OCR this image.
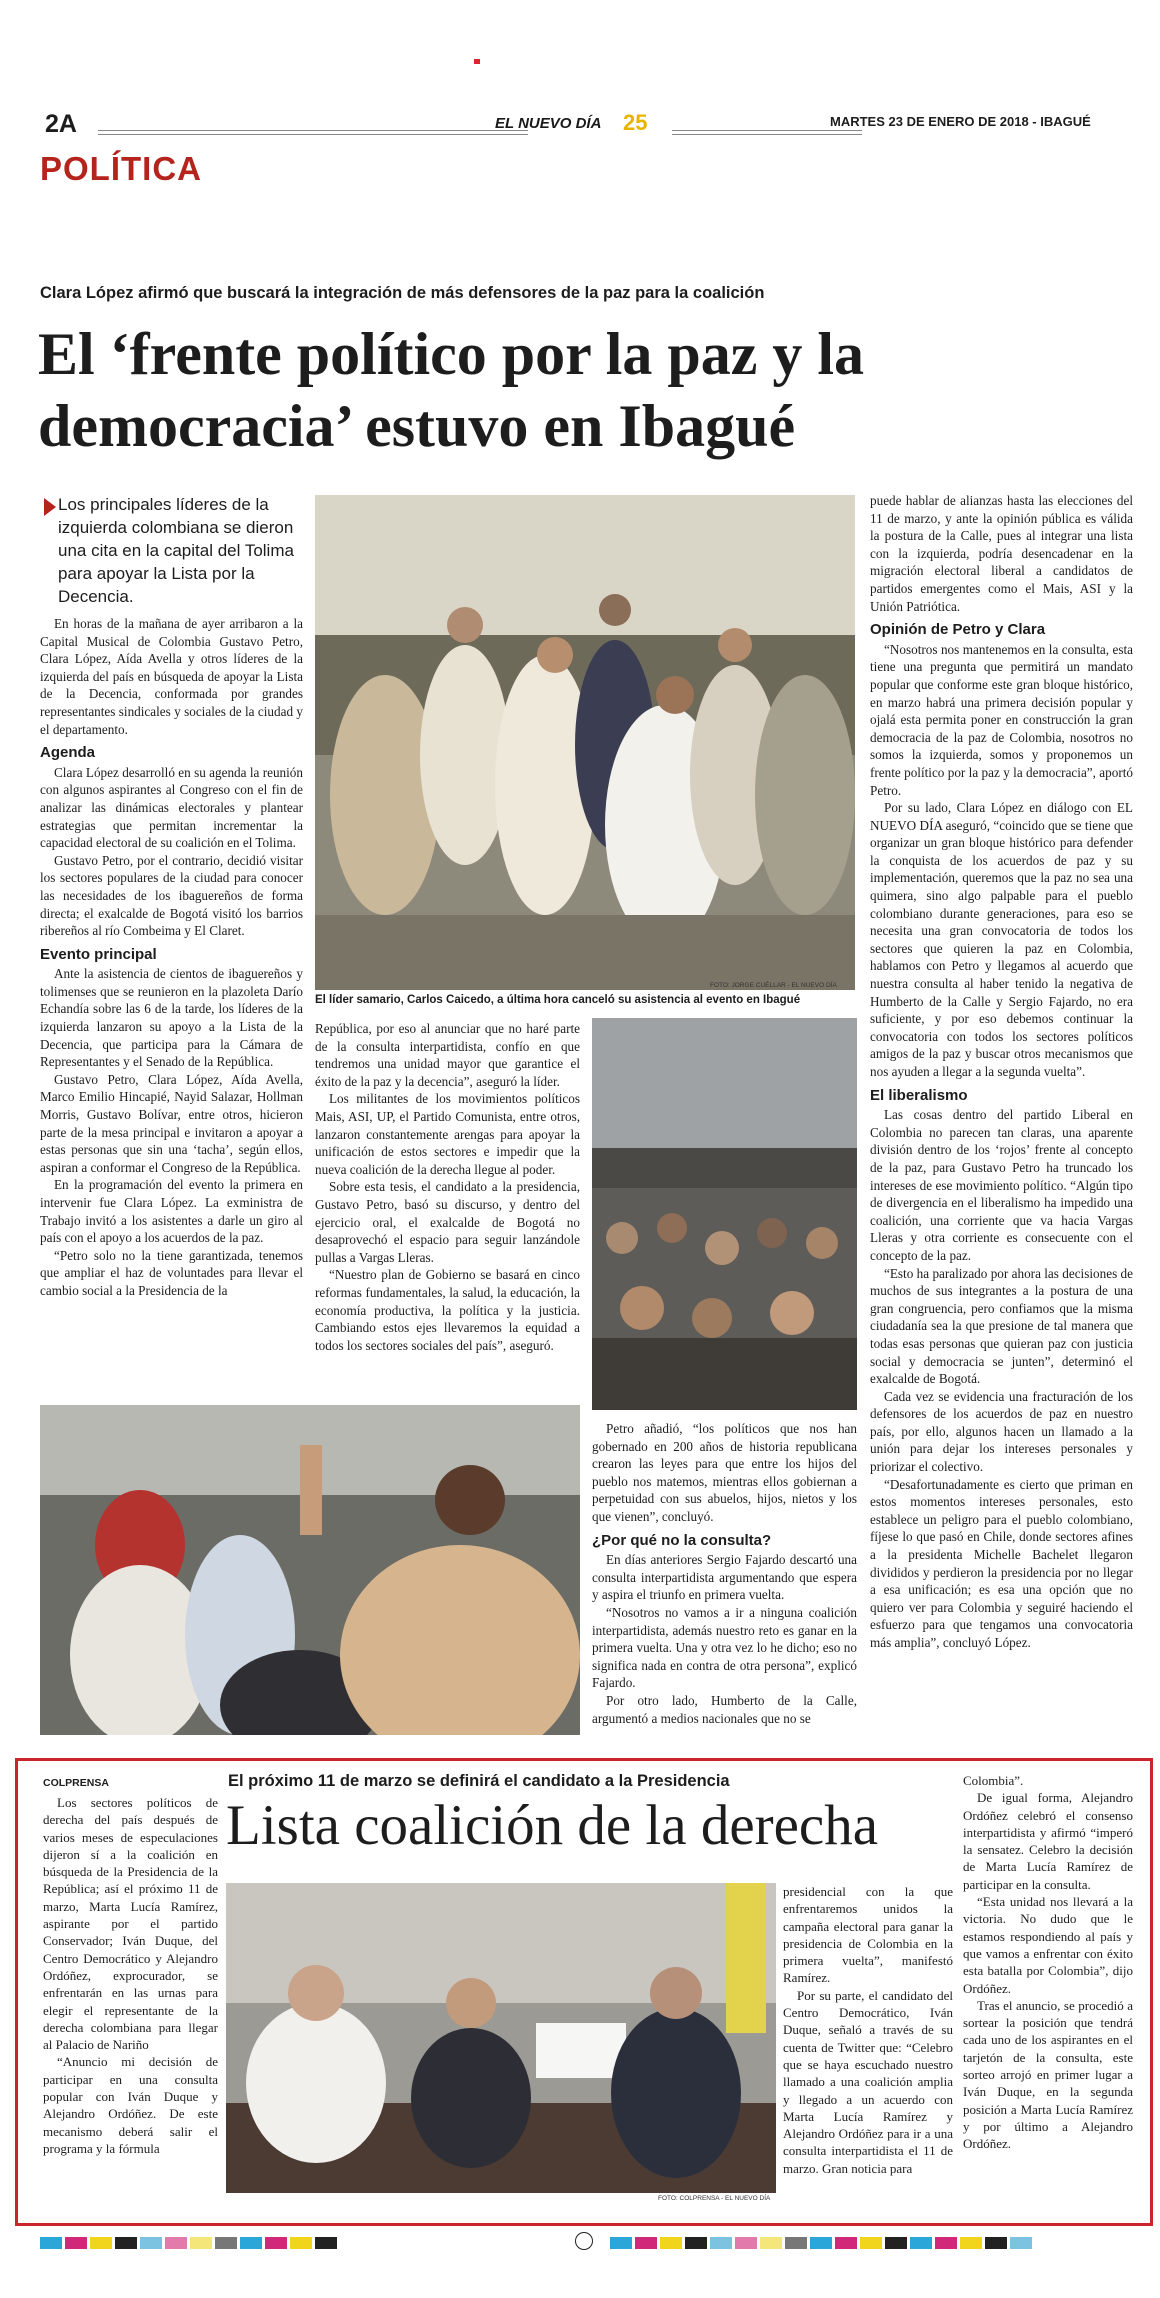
2A	EL NUEVO DÍA 25	MARTES 23 DE ENERO DE 2018 - IBAGUÉ
POLÍTICA
Clara López afirmó que buscará la integración de más defensores de la paz para la coalición
El ‘frente político por la paz y la
democracia’ estuvo en Ibagué
Los principales líderes de la izquierda colombiana se dieron una cita en la capital del Tolima para apoyar la Lista por la Decencia.

En horas de la mañana de ayer arribaron a la Capital Musical de Colombia Gustavo Petro, Clara López, Aída Avella y otros líderes de la izquierda del país en búsqueda de apoyar la Lista de la Decencia, conformada por grandes representantes sindicales y sociales de la ciudad y el departamento.

Agenda

Clara López desarrolló en su agenda la reunión con algunos aspirantes al Congreso con el fin de analizar las dinámicas electorales y plantear estrategias que permitan incrementar la capacidad electoral de su coalición en el Tolima.

Gustavo Petro, por el contrario, decidió visitar los sectores populares de la ciudad para conocer las necesidades de los ibaguereños de forma directa; el exalcalde de Bogotá visitó los barrios ribereños al río Combeima y El Claret.

Evento principal

Ante la asistencia de cientos de ibaguereños y tolimenses que se reunieron en la plazoleta Darío Echandía sobre las 6 de la tarde, los líderes de la izquierda lanzaron su apoyo a la Lista de la Decencia, que participa para la Cámara de Representantes y el Senado de la República.

Gustavo Petro, Clara López, Aída Avella, Marco Emilio Hincapié, Nayid Salazar, Hollman Morris, Gustavo Bolívar, entre otros, hicieron parte de la mesa principal e invitaron a apoyar a estas personas que sin una ‘tacha’, según ellos, aspiran a conformar el Congreso de la República.

En la programación del evento la primera en intervenir fue Clara López. La exministra de Trabajo invitó a los asistentes a darle un giro al país con el apoyo a los acuerdos de la paz.

“Petro solo no la tiene garantizada, tenemos que ampliar el haz de voluntades para llevar el cambio social a la Presidencia de la

FOTO: JORGE CUÉLLAR - EL NUEVO DÍA
El líder samario, Carlos Caicedo, a última hora canceló su asistencia al evento en Ibagué

República, por eso al anunciar que no haré parte de la consulta interpartidista, confío en que tendremos una unidad mayor que garantice el éxito de la paz y la decencia”, aseguró la líder.

Los militantes de los movimientos políticos Mais, ASI, UP, el Partido Comunista, entre otros, lanzaron constantemente arengas para apoyar la unificación de estos sectores e impedir que la nueva coalición de la derecha llegue al poder.

Sobre esta tesis, el candidato a la presidencia, Gustavo Petro, basó su discurso, y dentro del ejercicio oral, el exalcalde de Bogotá no desaprovechó el espacio para seguir lanzándole pullas a Vargas Lleras.

“Nuestro plan de Gobierno se basará en cinco reformas fundamentales, la salud, la educación, la economía productiva, la política y la justicia. Cambiando estos ejes llevaremos la equidad a todos los sectores sociales del país”, aseguró.

Petro añadió, “los políticos que nos han gobernado en 200 años de historia republicana crearon las leyes para que entre los hijos del pueblo nos matemos, mientras ellos gobiernan a perpetuidad con sus abuelos, hijos, nietos y los que vienen”, concluyó.

¿Por qué no la consulta?

En días anteriores Sergio Fajardo descartó una consulta interpartidista argumentando que espera y aspira el triunfo en primera vuelta.

“Nosotros no vamos a ir a ninguna coalición interpartidista, además nuestro reto es ganar en la primera vuelta. Una y otra vez lo he dicho; eso no significa nada en contra de otra persona”, explicó Fajardo.

Por otro lado, Humberto de la Calle, argumentó a medios nacionales que no se

puede hablar de alianzas hasta las elecciones del 11 de marzo, y ante la opinión pública es válida la postura de la Calle, pues al integrar una lista con la izquierda, podría desencadenar en la migración electoral liberal a candidatos de partidos emergentes como el Mais, ASI y la Unión Patriótica.

Opinión de Petro y Clara

“Nosotros nos mantenemos en la consulta, esta tiene una pregunta que permitirá un mandato popular que conforme este gran bloque histórico, en marzo habrá una primera decisión popular y ojalá esta permita poner en construcción la gran democracia de la paz de Colombia, nosotros no somos la izquierda, somos y proponemos un frente político por la paz y la democracia”, aportó Petro.

Por su lado, Clara López en diálogo con EL NUEVO DÍA aseguró, “coincido que se tiene que organizar un gran bloque histórico para defender la conquista de los acuerdos de paz y su implementación, queremos que la paz no sea una quimera, sino algo palpable para el pueblo colombiano durante generaciones, para eso se necesita una gran convocatoria de todos los sectores que quieren la paz en Colombia, hablamos con Petro y llegamos al acuerdo que nuestra consulta al haber tenido la negativa de Humberto de la Calle y Sergio Fajardo, no era suficiente, y por eso debemos continuar la convocatoria con todos los sectores políticos amigos de la paz y buscar otros mecanismos que nos ayuden a llegar a la segunda vuelta”.

El liberalismo

Las cosas dentro del partido Liberal en Colombia no parecen tan claras, una aparente división dentro de los ‘rojos’ frente al concepto de la paz, para Gustavo Petro ha truncado los intereses de ese movimiento político. “Algún tipo de divergencia en el liberalismo ha impedido una coalición, una corriente que va hacia Vargas Lleras y otra corriente es consecuente con el concepto de la paz.

“Esto ha paralizado por ahora las decisiones de muchos de sus integrantes a la postura de una gran congruencia, pero confiamos que la misma ciudadanía sea la que presione de tal manera que todas esas personas que quieran paz con justicia social y democracia se junten”, determinó el exalcalde de Bogotá.

Cada vez se evidencia una fracturación de los defensores de los acuerdos de paz en nuestro país, por ello, algunos hacen un llamado a la unión para dejar los intereses personales y priorizar el colectivo.

“Desafortunadamente es cierto que priman en estos momentos intereses personales, esto establece un peligro para el pueblo colombiano, fíjese lo que pasó en Chile, donde sectores afines a la presidenta Michelle Bachelet llegaron divididos y perdieron la presidencia por no llegar a esa unificación; es esa una opción que no quiero ver para Colombia y seguiré haciendo el esfuerzo para que tengamos una convocatoria más amplia”, concluyó López.

COLPRENSA	El próximo 11 de marzo se definirá el candidato a la Presidencia
Lista coalición de la derecha

Los sectores políticos de derecha del país después de varios meses de especulaciones dijeron sí a la coalición en búsqueda de la Presidencia de la República; así el próximo 11 de marzo, Marta Lucía Ramírez, aspirante por el partido Conservador; Iván Duque, del Centro Democrático y Alejandro Ordóñez, exprocurador, se enfrentarán en las urnas para elegir el representante de la derecha colombiana para llegar al Palacio de Nariño

“Anuncio mi decisión de participar en una consulta popular con Iván Duque y Alejandro Ordóñez. De este mecanismo deberá salir el programa y la fórmula

FOTO: COLPRENSA - EL NUEVO DÍA

presidencial con la que enfrentaremos unidos la campaña electoral para ganar la presidencia de Colombia en la primera vuelta”, manifestó Ramírez.

Por su parte, el candidato del Centro Democrático, Iván Duque, señaló a través de su cuenta de Twitter que: “Celebro que se haya escuchado nuestro llamado a una coalición amplia y llegado a un acuerdo con Marta Lucía Ramírez y Alejandro Ordóñez para ir a una consulta interpartidista el 11 de marzo. Gran noticia para

Colombia”.

De igual forma, Alejandro Ordóñez celebró el consenso interpartidista y afirmó “imperó la sensatez. Celebro la decisión de Marta Lucía Ramírez de participar en la consulta.

“Esta unidad nos llevará a la victoria. No dudo que le estamos respondiendo al país y que vamos a enfrentar con éxito esta batalla por Colombia”, dijo Ordóñez.

Tras el anuncio, se procedió a sortear la posición que tendrá cada uno de los aspirantes en el tarjetón de la consulta, este sorteo arrojó en primer lugar a Iván Duque, en la segunda posición a Marta Lucía Ramírez y por último a Alejandro Ordóñez.
